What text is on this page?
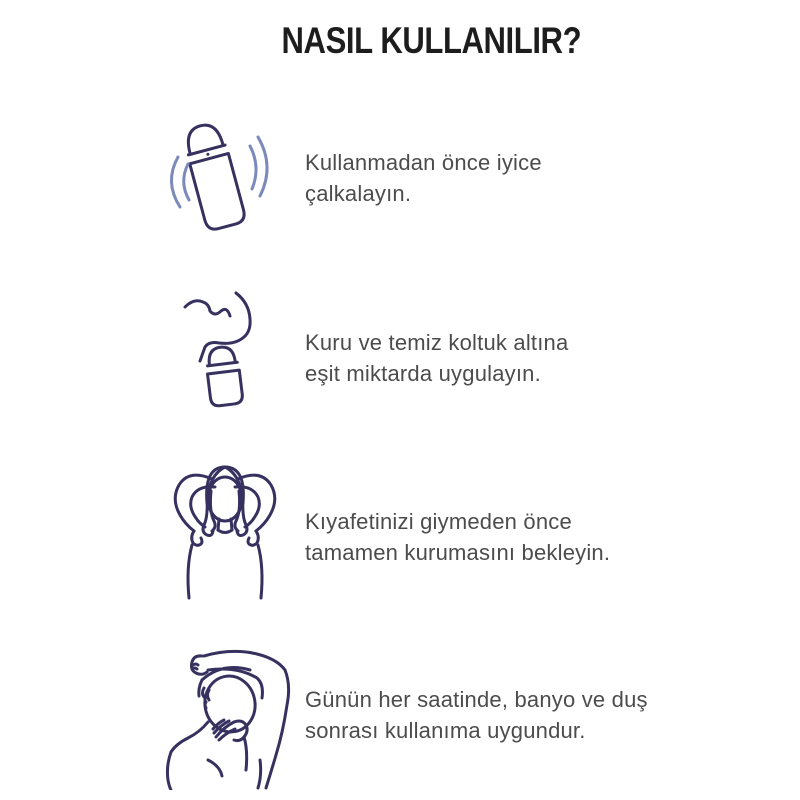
NASIL KULLANILIR?
Kullanmadan önce iyice
çalkalayın.
Kuru ve temiz koltuk altına
eşit miktarda uygulayın.
Kıyafetinizi giymeden önce
tamamen kurumasını bekleyin.
Günün her saatinde, banyo ve duş
sonrası kullanıma uygundur.
